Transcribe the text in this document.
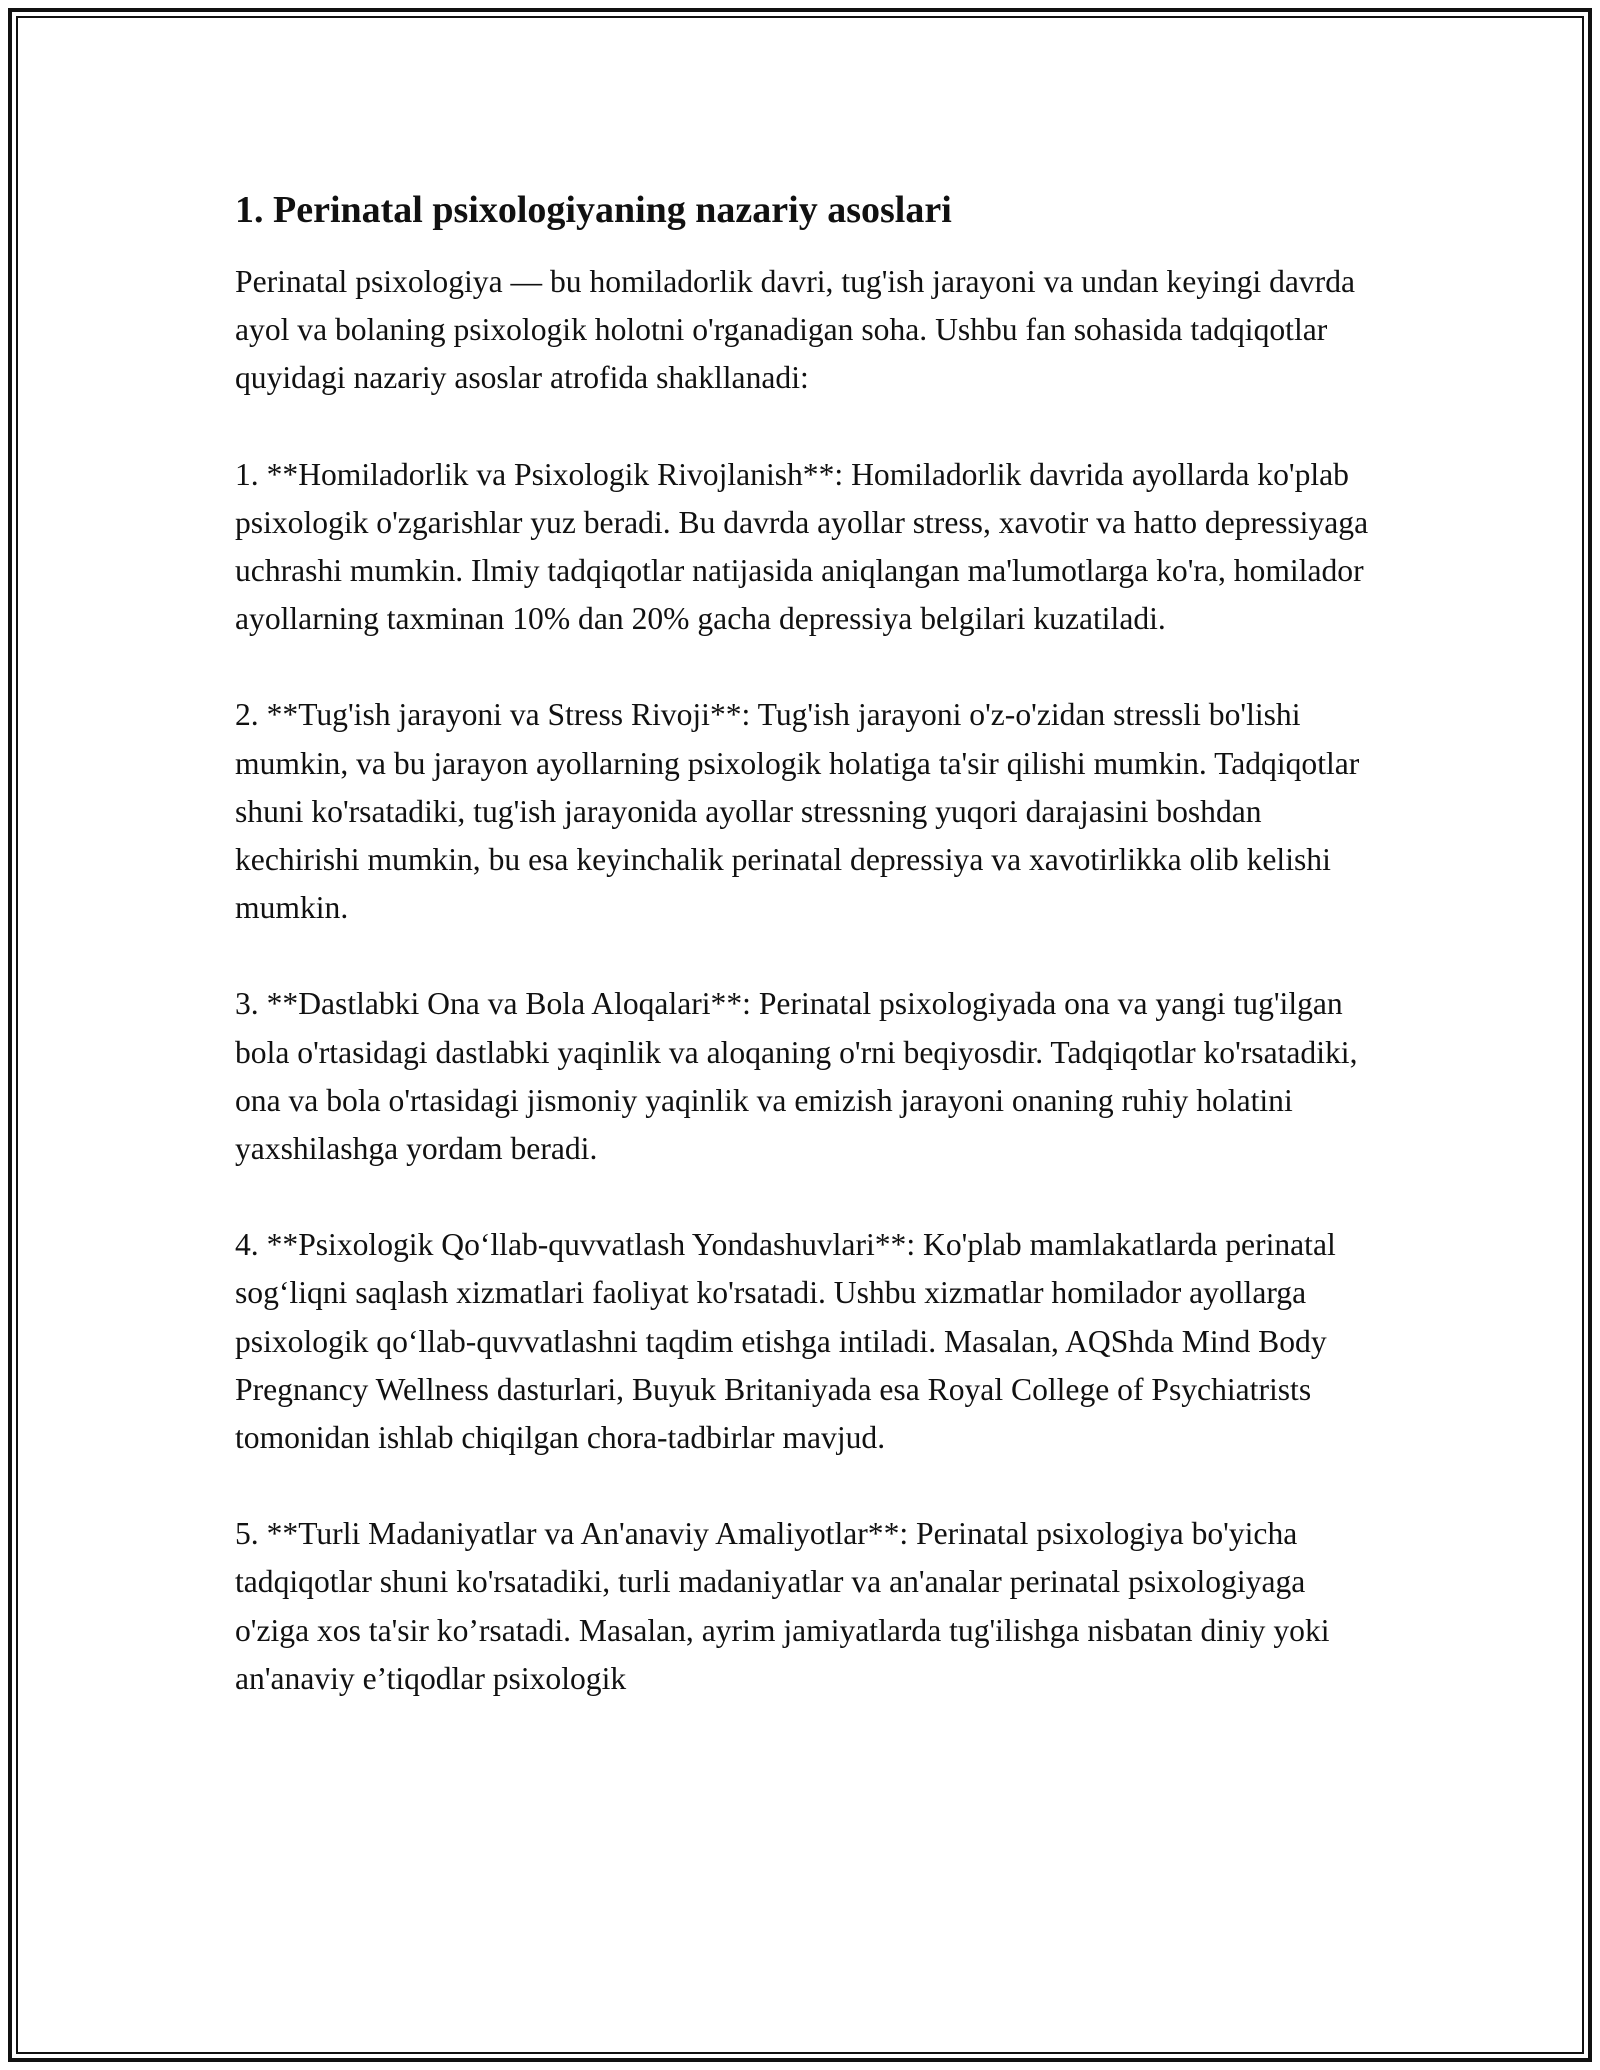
1. Perinatal psixologiyaning nazariy asoslari

Perinatal psixologiya — bu homiladorlik davri, tug'ish jarayoni va undan keyingi davrda ayol va bolaning psixologik holotni o'rganadigan soha. Ushbu fan sohasida tadqiqotlar quyidagi nazariy asoslar atrofida shakllanadi:

1. **Homiladorlik va Psixologik Rivojlanish**: Homiladorlik davrida ayollarda ko'plab psixologik o'zgarishlar yuz beradi. Bu davrda ayollar stress, xavotir va hatto depressiyaga uchrashi mumkin. Ilmiy tadqiqotlar natijasida aniqlangan ma'lumotlarga ko'ra, homilador ayollarning taxminan 10% dan 20% gacha depressiya belgilari kuzatiladi.

2. **Tug'ish jarayoni va Stress Rivoji**: Tug'ish jarayoni o'z-o'zidan stressli bo'lishi mumkin, va bu jarayon ayollarning psixologik holatiga ta'sir qilishi mumkin. Tadqiqotlar shuni ko'rsatadiki, tug'ish jarayonida ayollar stressning yuqori darajasini boshdan kechirishi mumkin, bu esa keyinchalik perinatal depressiya va xavotirlikka olib kelishi mumkin.

3. **Dastlabki Ona va Bola Aloqalari**: Perinatal psixologiyada ona va yangi tug'ilgan bola o'rtasidagi dastlabki yaqinlik va aloqaning o'rni beqiyosdir. Tadqiqotlar ko'rsatadiki, ona va bola o'rtasidagi jismoniy yaqinlik va emizish jarayoni onaning ruhiy holatini yaxshilashga yordam beradi.

4. **Psixologik Qo‘llab-quvvatlash Yondashuvlari**: Ko'plab mamlakatlarda perinatal sog‘liqni saqlash xizmatlari faoliyat ko'rsatadi. Ushbu xizmatlar homilador ayollarga psixologik qo‘llab-quvvatlashni taqdim etishga intiladi. Masalan, AQShda Mind Body Pregnancy Wellness dasturlari, Buyuk Britaniyada esa Royal College of Psychiatrists tomonidan ishlab chiqilgan chora-tadbirlar mavjud.

5. **Turli Madaniyatlar va An'anaviy Amaliyotlar**: Perinatal psixologiya bo'yicha tadqiqotlar shuni ko'rsatadiki, turli madaniyatlar va an'analar perinatal psixologiyaga o'ziga xos ta'sir ko’rsatadi. Masalan, ayrim jamiyatlarda tug'ilishga nisbatan diniy yoki an'anaviy e’tiqodlar psixologik
